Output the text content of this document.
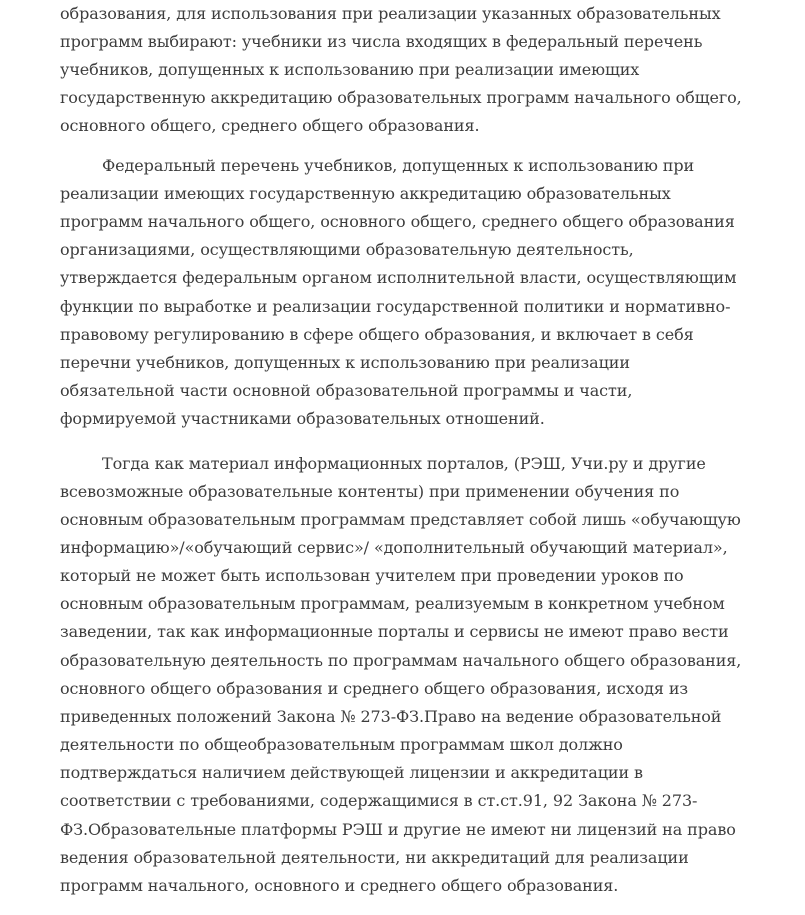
образования, для использования при реализации указанных образовательных
программ выбирают: учебники из числа входящих в федеральный перечень
учебников, допущенных к использованию при реализации имеющих
государственную аккредитацию образовательных программ начального общего,
основного общего, среднего общего образования.
Федеральный перечень учебников, допущенных к использованию при
реализации имеющих государственную аккредитацию образовательных
программ начального общего, основного общего, среднего общего образования
организациями, осуществляющими образовательную деятельность,
утверждается федеральным органом исполнительной власти, осуществляющим
функции по выработке и реализации государственной политики и нормативно-
правовому регулированию в сфере общего образования, и включает в себя
перечни учебников, допущенных к использованию при реализации
обязательной части основной образовательной программы и части,
формируемой участниками образовательных отношений.
Тогда как материал информационных порталов, (РЭШ, Учи.ру и другие
всевозможные образовательные контенты) при применении обучения по
основным образовательным программам представляет собой лишь «обучающую
информацию»/«обучающий сервис»/ «дополнительный обучающий материал»,
который не может быть использован учителем при проведении уроков по
основным образовательным программам, реализуемым в конкретном учебном
заведении, так как информационные порталы и сервисы не имеют право вести
образовательную деятельность по программам начального общего образования,
основного общего образования и среднего общего образования, исходя из
приведенных положений Закона № 273-ФЗ.Право на ведение образовательной
деятельности по общеобразовательным программам школ должно
подтверждаться наличием действующей лицензии и аккредитации в
соответствии с требованиями, содержащимися в ст.ст.91, 92 Закона № 273-
ФЗ.Образовательные платформы РЭШ и другие не имеют ни лицензий на право
ведения образовательной деятельности, ни аккредитаций для реализации
программ начального, основного и среднего общего образования.
